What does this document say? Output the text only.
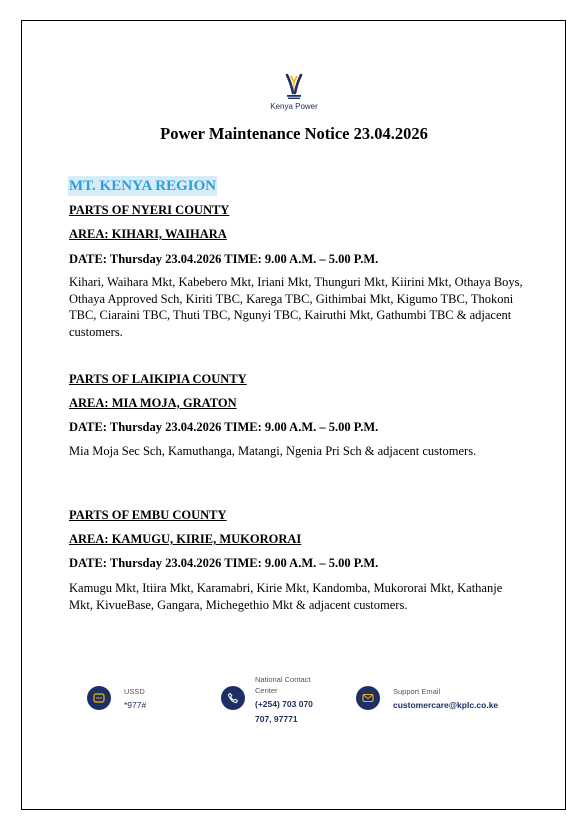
Kenya Power
Power Maintenance Notice 23.04.2026
MT. KENYA REGION
PARTS OF NYERI COUNTY
AREA: KIHARI, WAIHARA
DATE: Thursday 23.04.2026 TIME: 9.00 A.M. – 5.00 P.M.
Kihari, Waihara Mkt, Kabebero Mkt, Iriani Mkt, Thunguri Mkt, Kiirini Mkt, Othaya Boys, Othaya Approved Sch, Kiriti TBC, Karega TBC, Githimbai Mkt, Kigumo TBC, Thokoni TBC, Ciaraini TBC, Thuti TBC, Ngunyi TBC, Kairuthi Mkt, Gathumbi TBC & adjacent customers.
PARTS OF LAIKIPIA COUNTY
AREA: MIA MOJA, GRATON
DATE: Thursday 23.04.2026 TIME: 9.00 A.M. – 5.00 P.M.
Mia Moja Sec Sch, Kamuthanga, Matangi, Ngenia Pri Sch & adjacent customers.
PARTS OF EMBU COUNTY
AREA: KAMUGU, KIRIE, MUKORORAI
DATE: Thursday 23.04.2026 TIME: 9.00 A.M. – 5.00 P.M.
Kamugu Mkt, Itiira Mkt, Karamabri, Kirie Mkt, Kandomba, Mukororai Mkt, Kathanje Mkt, KivueBase, Gangara, Michegethio Mkt & adjacent customers.
USSD
*977#
National Contact
Center
(+254) 703 070
707, 97771
Support Email
customercare@kplc.co.ke
